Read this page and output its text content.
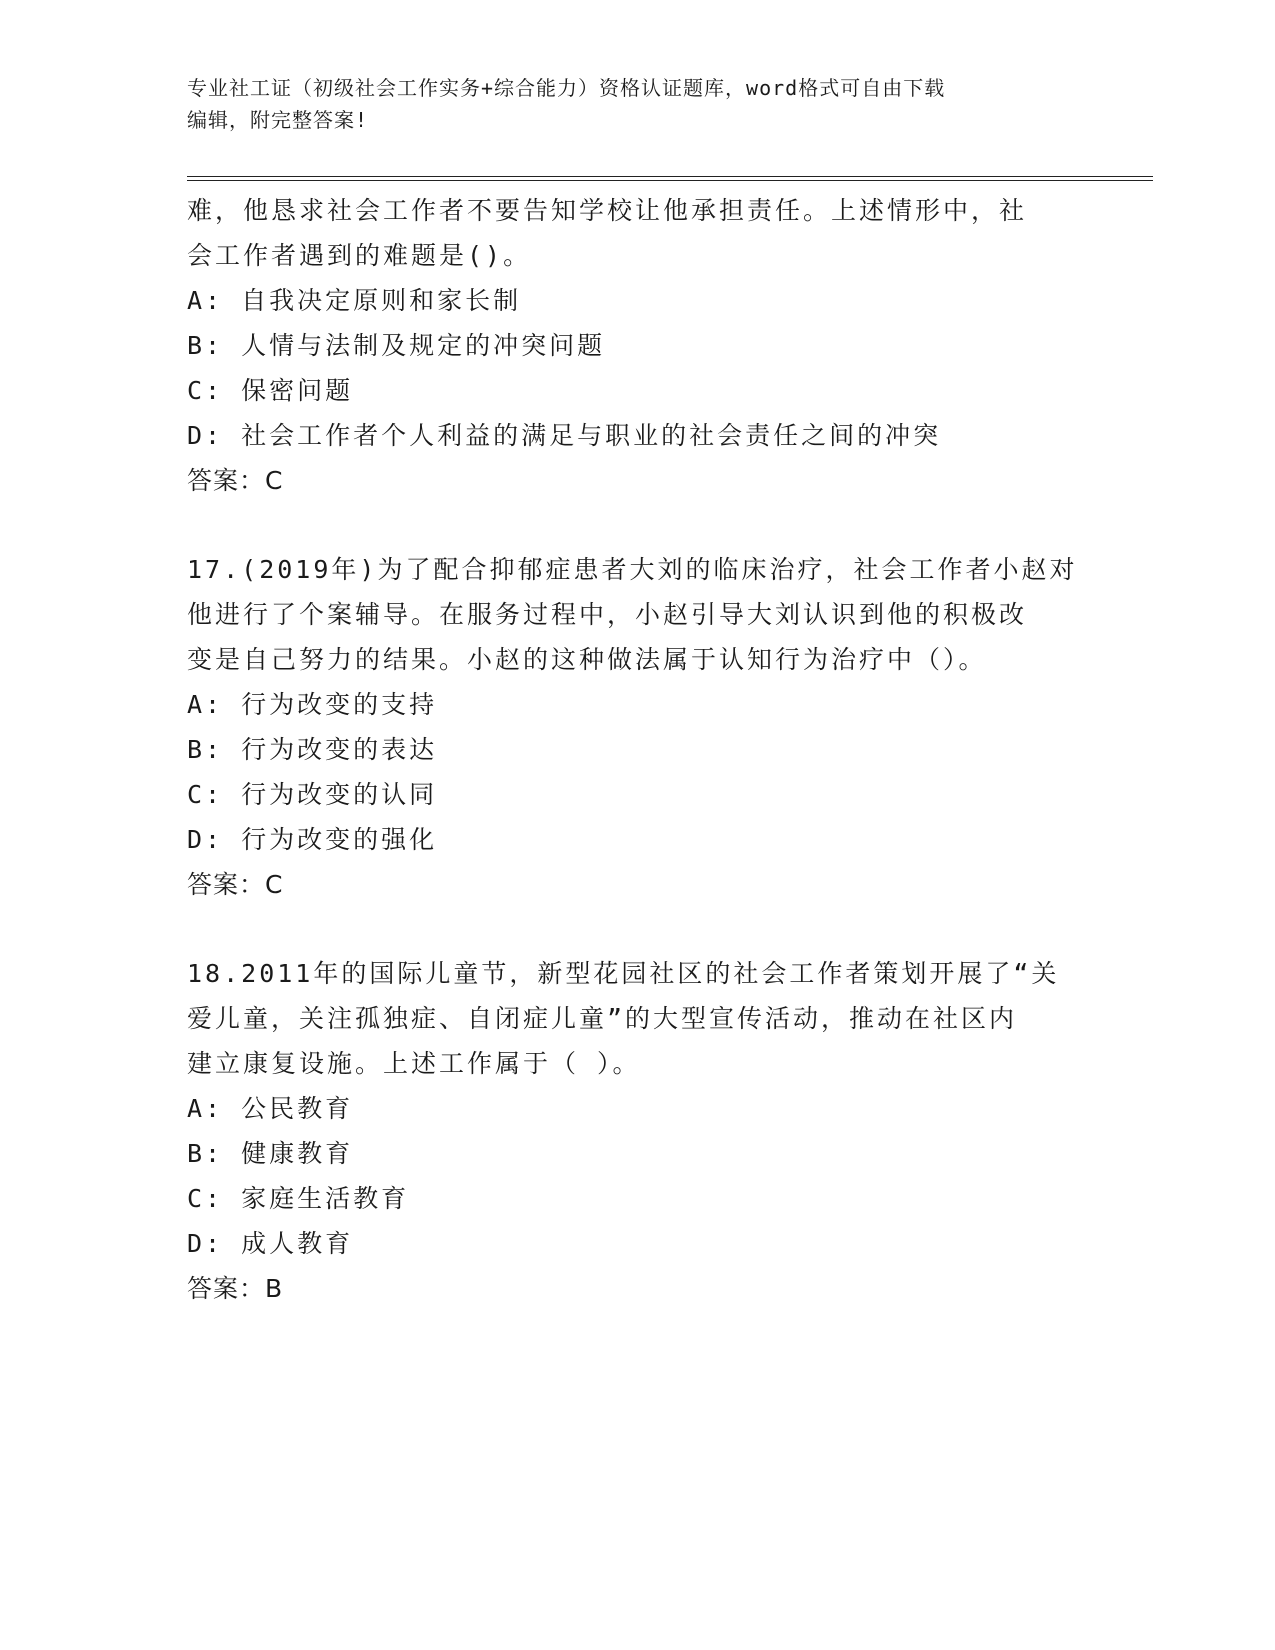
专业社工证（初级社会工作实务+综合能力）资格认证题库，word格式可自由下载
编辑，附完整答案!
难，他恳求社会工作者不要告知学校让他承担责任。上述情形中，社
会工作者遇到的难题是()。
A: 自我决定原则和家长制
B: 人情与法制及规定的冲突问题
C: 保密问题
D: 社会工作者个人利益的满足与职业的社会责任之间的冲突
答案：C
17.(2019年)为了配合抑郁症患者大刘的临床治疗，社会工作者小赵对
他进行了个案辅导。在服务过程中，小赵引导大刘认识到他的积极改
变是自己努力的结果。小赵的这种做法属于认知行为治疗中（）。
A: 行为改变的支持
B: 行为改变的表达
C: 行为改变的认同
D: 行为改变的强化
答案：C
18.2011年的国际儿童节，新型花园社区的社会工作者策划开展了“关
爱儿童，关注孤独症、自闭症儿童”的大型宣传活动，推动在社区内
建立康复设施。上述工作属于（ ）。
A: 公民教育
B: 健康教育
C: 家庭生活教育
D: 成人教育
答案：B
